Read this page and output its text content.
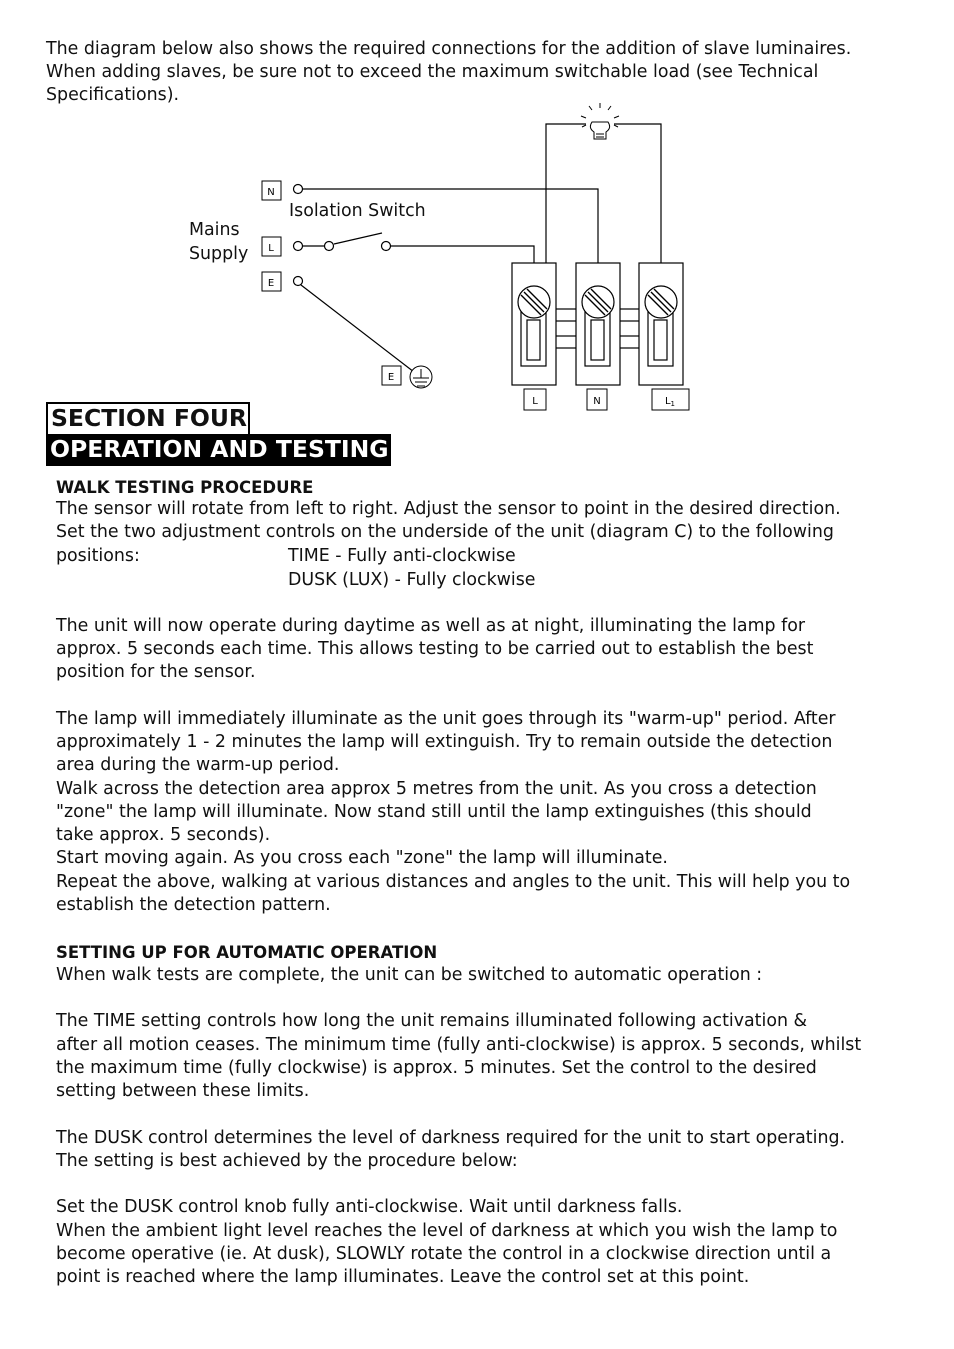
The diagram below also shows the required connections for the addition of slave luminaires.

When adding slaves, be sure not to exceed the maximum switchable load (see Technical

Specifications).

N
L
E
E
L	N	$L_1$

Isolation Switch

Mains

Supply

SECTION FOUR
OPERATION AND TESTING

WALK TESTING PROCEDURE

The sensor will rotate from left to right. Adjust the sensor to point in the desired direction.

Set the two adjustment controls on the underside of the unit (diagram C) to the following

positions:	TIME - Fully anti-clockwise

DUSK (LUX) - Fully clockwise

The unit will now operate during daytime as well as at night, illuminating the lamp for

approx. 5 seconds each time. This allows testing to be carried out to establish the best

position for the sensor.

The lamp will immediately illuminate as the unit goes through its "warm-up" period. After

approximately 1 - 2 minutes the lamp will extinguish. Try to remain outside the detection

area during the warm-up period.

Walk across the detection area approx 5 metres from the unit. As you cross a detection

"zone" the lamp will illuminate. Now stand still until the lamp extinguishes (this should

take approx. 5 seconds).

Start moving again. As you cross each "zone" the lamp will illuminate.

Repeat the above, walking at various distances and angles to the unit. This will help you to

establish the detection pattern.

SETTING UP FOR AUTOMATIC OPERATION

When walk tests are complete, the unit can be switched to automatic operation :

The TIME setting controls how long the unit remains illuminated following activation &

after all motion ceases. The minimum time (fully anti-clockwise) is approx. 5 seconds, whilst

the maximum time (fully clockwise) is approx. 5 minutes. Set the control to the desired

setting between these limits.

The DUSK control determines the level of darkness required for the unit to start operating.

The setting is best achieved by the procedure below:

Set the DUSK control knob fully anti-clockwise. Wait until darkness falls.

When the ambient light level reaches the level of darkness at which you wish the lamp to

become operative (ie. At dusk), SLOWLY rotate the control in a clockwise direction until a

point is reached where the lamp illuminates. Leave the control set at this point.
